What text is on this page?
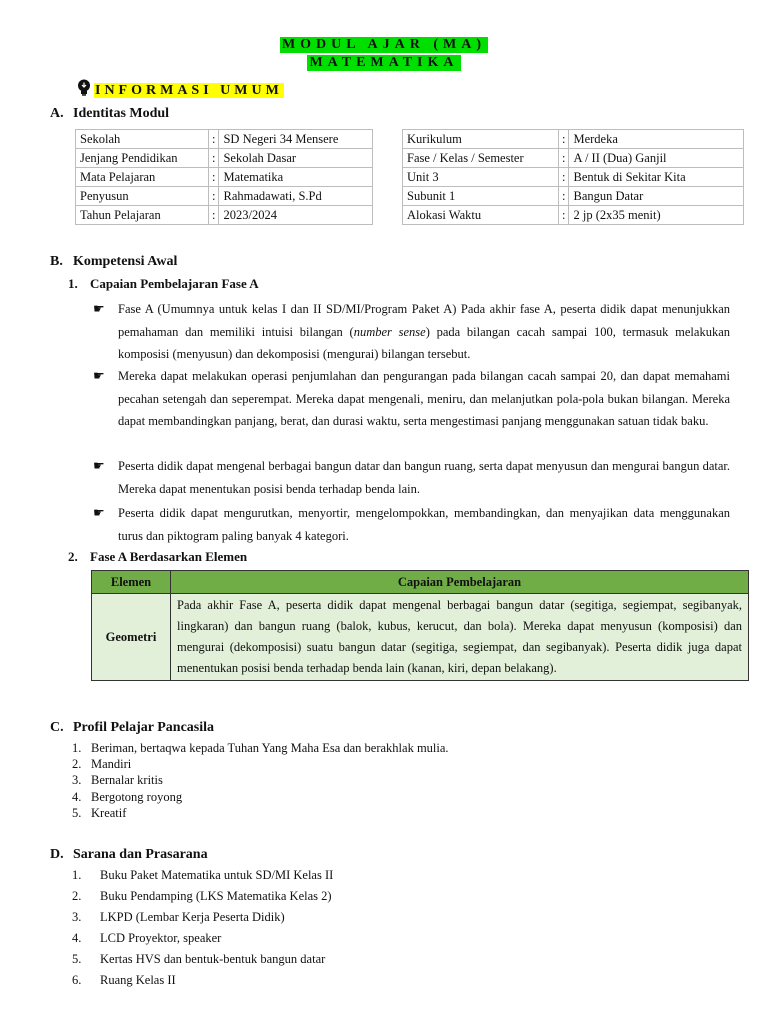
MODUL AJAR (MA)
MATEMATIKA
INFORMASI UMUM
A. Identitas Modul
Sekolah	:	SD Negeri 34 Mensere
Jenjang Pendidikan	:	Sekolah Dasar
Mata Pelajaran	:	Matematika
Penyusun	:	Rahmadawati, S.Pd
Tahun Pelajaran	:	2023/2024
Kurikulum	:	Merdeka
Fase / Kelas / Semester	:	A / II (Dua) Ganjil
Unit 3	:	Bentuk di Sekitar Kita
Subunit 1	:	Bangun Datar
Alokasi Waktu	:	2 jp (2x35 menit)
B. Kompetensi Awal
1. Capaian Pembelajaran Fase A
☛ Fase A (Umumnya untuk kelas I dan II SD/MI/Program Paket A) Pada akhir fase A, peserta didik dapat menunjukkan pemahaman dan memiliki intuisi bilangan (number sense) pada bilangan cacah sampai 100, termasuk melakukan komposisi (menyusun) dan dekomposisi (mengurai) bilangan tersebut.
☛ Mereka dapat melakukan operasi penjumlahan dan pengurangan pada bilangan cacah sampai 20, dan dapat memahami pecahan setengah dan seperempat. Mereka dapat mengenali, meniru, dan melanjutkan pola-pola bukan bilangan. Mereka dapat membandingkan panjang, berat, dan durasi waktu, serta mengestimasi panjang menggunakan satuan tidak baku.
☛ Peserta didik dapat mengenal berbagai bangun datar dan bangun ruang, serta dapat menyusun dan mengurai bangun datar. Mereka dapat menentukan posisi benda terhadap benda lain.
☛ Peserta didik dapat mengurutkan, menyortir, mengelompokkan, membandingkan, dan menyajikan data menggunakan turus dan piktogram paling banyak 4 kategori.
2. Fase A Berdasarkan Elemen
Elemen	Capaian Pembelajaran
Geometri	Pada akhir Fase A, peserta didik dapat mengenal berbagai bangun datar (segitiga, segiempat, segibanyak, lingkaran) dan bangun ruang (balok, kubus, kerucut, dan bola). Mereka dapat menyusun (komposisi) dan mengurai (dekomposisi) suatu bangun datar (segitiga, segiempat, dan segibanyak). Peserta didik juga dapat menentukan posisi benda terhadap benda lain (kanan, kiri, depan belakang).
C. Profil Pelajar Pancasila
1. Beriman, bertaqwa kepada Tuhan Yang Maha Esa dan berakhlak mulia.
2. Mandiri
3. Bernalar kritis
4. Bergotong royong
5. Kreatif
D. Sarana dan Prasarana
1. Buku Paket Matematika untuk SD/MI Kelas II
2. Buku Pendamping (LKS Matematika Kelas 2)
3. LKPD (Lembar Kerja Peserta Didik)
4. LCD Proyektor, speaker
5. Kertas HVS dan bentuk-bentuk bangun datar
6. Ruang Kelas II
